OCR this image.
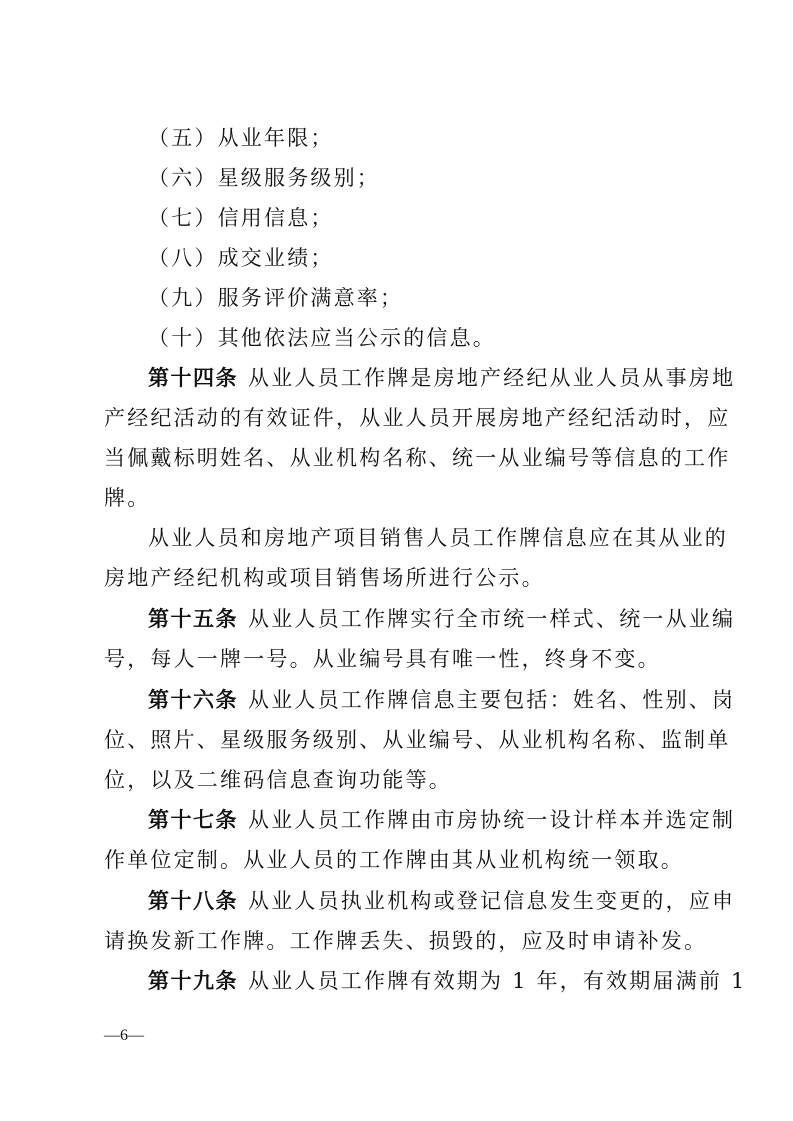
（五）从业年限；
（六）星级服务级别；
（七）信用信息；
（八）成交业绩；
（九）服务评价满意率；
（十）其他依法应当公示的信息。
第十四条 从业人员工作牌是房地产经纪从业人员从事房地
产经纪活动的有效证件，从业人员开展房地产经纪活动时，应
当佩戴标明姓名、从业机构名称、统一从业编号等信息的工作
牌。
从业人员和房地产项目销售人员工作牌信息应在其从业的
房地产经纪机构或项目销售场所进行公示。
第十五条 从业人员工作牌实行全市统一样式、统一从业编
号，每人一牌一号。从业编号具有唯一性，终身不变。
第十六条 从业人员工作牌信息主要包括：姓名、性别、岗
位、照片、星级服务级别、从业编号、从业机构名称、监制单
位，以及二维码信息查询功能等。
第十七条 从业人员工作牌由市房协统一设计样本并选定制
作单位定制。从业人员的工作牌由其从业机构统一领取。
第十八条 从业人员执业机构或登记信息发生变更的，应申
请换发新工作牌。工作牌丢失、损毁的，应及时申请补发。
第十九条 从业人员工作牌有效期为 1 年，有效期届满前 1
—6—
